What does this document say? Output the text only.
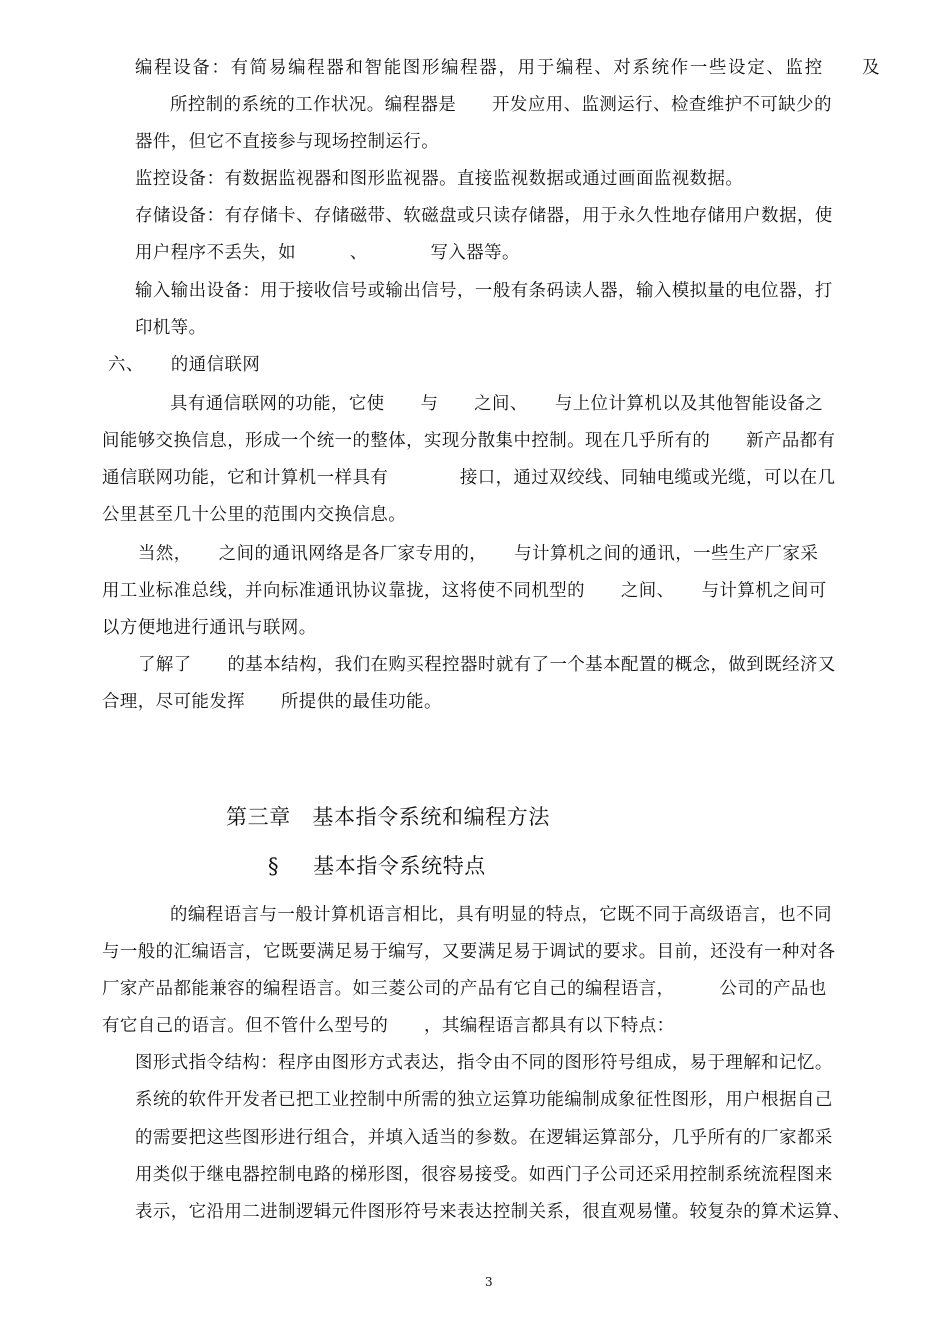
编程设备：有简易编程器和智能图形编程器，用于编程、对系统作一些设定、监控　　及

所控制的系统的工作状况。编程器是　　开发应用、监测运行、检查维护不可缺少的

器件，但它不直接参与现场控制运行。

监控设备：有数据监视器和图形监视器。直接监视数据或通过画面监视数据。

存储设备：有存储卡、存储磁带、软磁盘或只读存储器，用于永久性地存储用户数据，使

用户程序不丢失，如　　　、　　　　写入器等。

输入输出设备：用于接收信号或输出信号，一般有条码读人器，输入模拟量的电位器，打

印机等。

六、　　的通信联网

具有通信联网的功能，它使　　与　　之间、　　与上位计算机以及其他智能设备之

间能够交换信息，形成一个统一的整体，实现分散集中控制。现在几乎所有的　　新产品都有

通信联网功能，它和计算机一样具有　　　　接口，通过双绞线、同轴电缆或光缆，可以在几

公里甚至几十公里的范围内交换信息。

当然，　　之间的通讯网络是各厂家专用的，　　与计算机之间的通讯，一些生产厂家采

用工业标准总线，并向标准通讯协议靠拢，这将使不同机型的　　之间、　　与计算机之间可

以方便地进行通讯与联网。

了解了　　的基本结构，我们在购买程控器时就有了一个基本配置的概念，做到既经济又

合理，尽可能发挥　　所提供的最佳功能。

第三章　基本指令系统和编程方法

§ 基本指令系统特点

的编程语言与一般计算机语言相比，具有明显的特点，它既不同于高级语言，也不同

与一般的汇编语言，它既要满足易于编写，又要满足易于调试的要求。目前，还没有一种对各

厂家产品都能兼容的编程语言。如三菱公司的产品有它自己的编程语言，　　　公司的产品也

有它自己的语言。但不管什么型号的　　，其编程语言都具有以下特点：

图形式指令结构：程序由图形方式表达，指令由不同的图形符号组成，易于理解和记忆。

系统的软件开发者已把工业控制中所需的独立运算功能编制成象征性图形，用户根据自己

的需要把这些图形进行组合，并填入适当的参数。在逻辑运算部分，几乎所有的厂家都采

用类似于继电器控制电路的梯形图，很容易接受。如西门子公司还采用控制系统流程图来

表示，它沿用二进制逻辑元件图形符号来表达控制关系，很直观易懂。较复杂的算术运算、

3
